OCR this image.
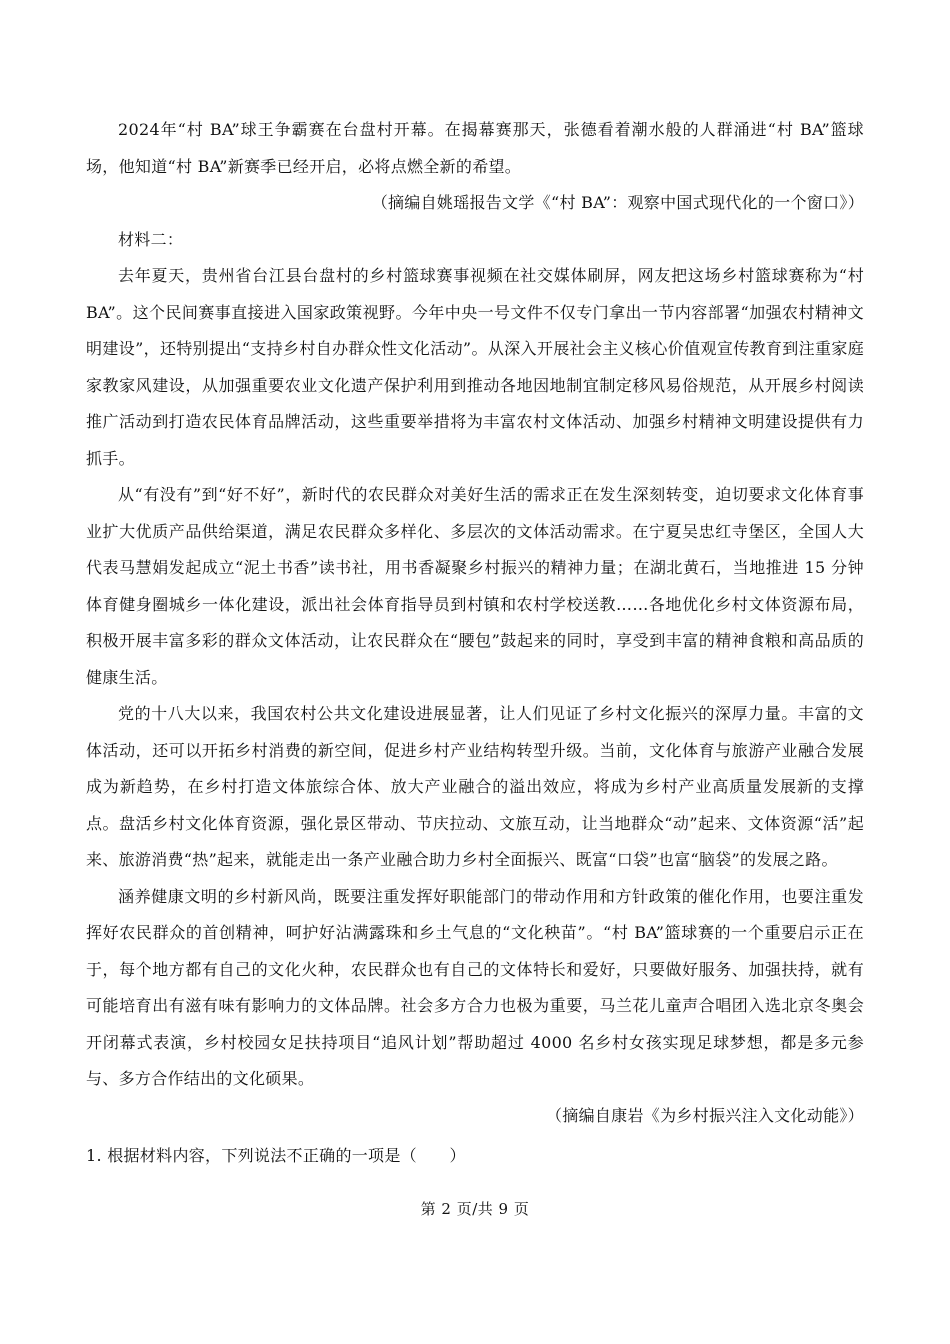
2024年“村 BA”球王争霸赛在台盘村开幕。在揭幕赛那天，张德看着潮水般的人群涌进“村 BA”篮球场，他知道“村 BA”新赛季已经开启，必将点燃全新的希望。

（摘编自姚瑶报告文学《“村 BA”：观察中国式现代化的一个窗口》）

材料二：

去年夏天，贵州省台江县台盘村的乡村篮球赛事视频在社交媒体刷屏，网友把这场乡村篮球赛称为“村 BA”。这个民间赛事直接进入国家政策视野。今年中央一号文件不仅专门拿出一节内容部署“加强农村精神文明建设”，还特别提出“支持乡村自办群众性文化活动”。从深入开展社会主义核心价值观宣传教育到注重家庭家教家风建设，从加强重要农业文化遗产保护利用到推动各地因地制宜制定移风易俗规范，从开展乡村阅读推广活动到打造农民体育品牌活动，这些重要举措将为丰富农村文体活动、加强乡村精神文明建设提供有力抓手。

从“有没有”到“好不好”，新时代的农民群众对美好生活的需求正在发生深刻转变，迫切要求文化体育事业扩大优质产品供给渠道，满足农民群众多样化、多层次的文体活动需求。在宁夏吴忠红寺堡区，全国人大代表马慧娟发起成立“泥土书香”读书社，用书香凝聚乡村振兴的精神力量；在湖北黄石，当地推进 15 分钟体育健身圈城乡一体化建设，派出社会体育指导员到村镇和农村学校送教……各地优化乡村文体资源布局，积极开展丰富多彩的群众文体活动，让农民群众在“腰包”鼓起来的同时，享受到丰富的精神食粮和高品质的健康生活。

党的十八大以来，我国农村公共文化建设进展显著，让人们见证了乡村文化振兴的深厚力量。丰富的文体活动，还可以开拓乡村消费的新空间，促进乡村产业结构转型升级。当前，文化体育与旅游产业融合发展成为新趋势，在乡村打造文体旅综合体、放大产业融合的溢出效应，将成为乡村产业高质量发展新的支撑点。盘活乡村文化体育资源，强化景区带动、节庆拉动、文旅互动，让当地群众“动”起来、文体资源“活”起来、旅游消费“热”起来，就能走出一条产业融合助力乡村全面振兴、既富“口袋”也富“脑袋”的发展之路。

涵养健康文明的乡村新风尚，既要注重发挥好职能部门的带动作用和方针政策的催化作用，也要注重发挥好农民群众的首创精神，呵护好沾满露珠和乡土气息的“文化秧苗”。“村 BA”篮球赛的一个重要启示正在于，每个地方都有自己的文化火种，农民群众也有自己的文体特长和爱好，只要做好服务、加强扶持，就有可能培育出有滋有味有影响力的文体品牌。社会多方合力也极为重要，马兰花儿童声合唱团入选北京冬奥会开闭幕式表演，乡村校园女足扶持项目“追风计划”帮助超过 4000 名乡村女孩实现足球梦想，都是多元参与、多方合作结出的文化硕果。

（摘编自康岩《为乡村振兴注入文化动能》）

1. 根据材料内容，下列说法不正确的一项是（　　）

第 2 页/共 9 页
